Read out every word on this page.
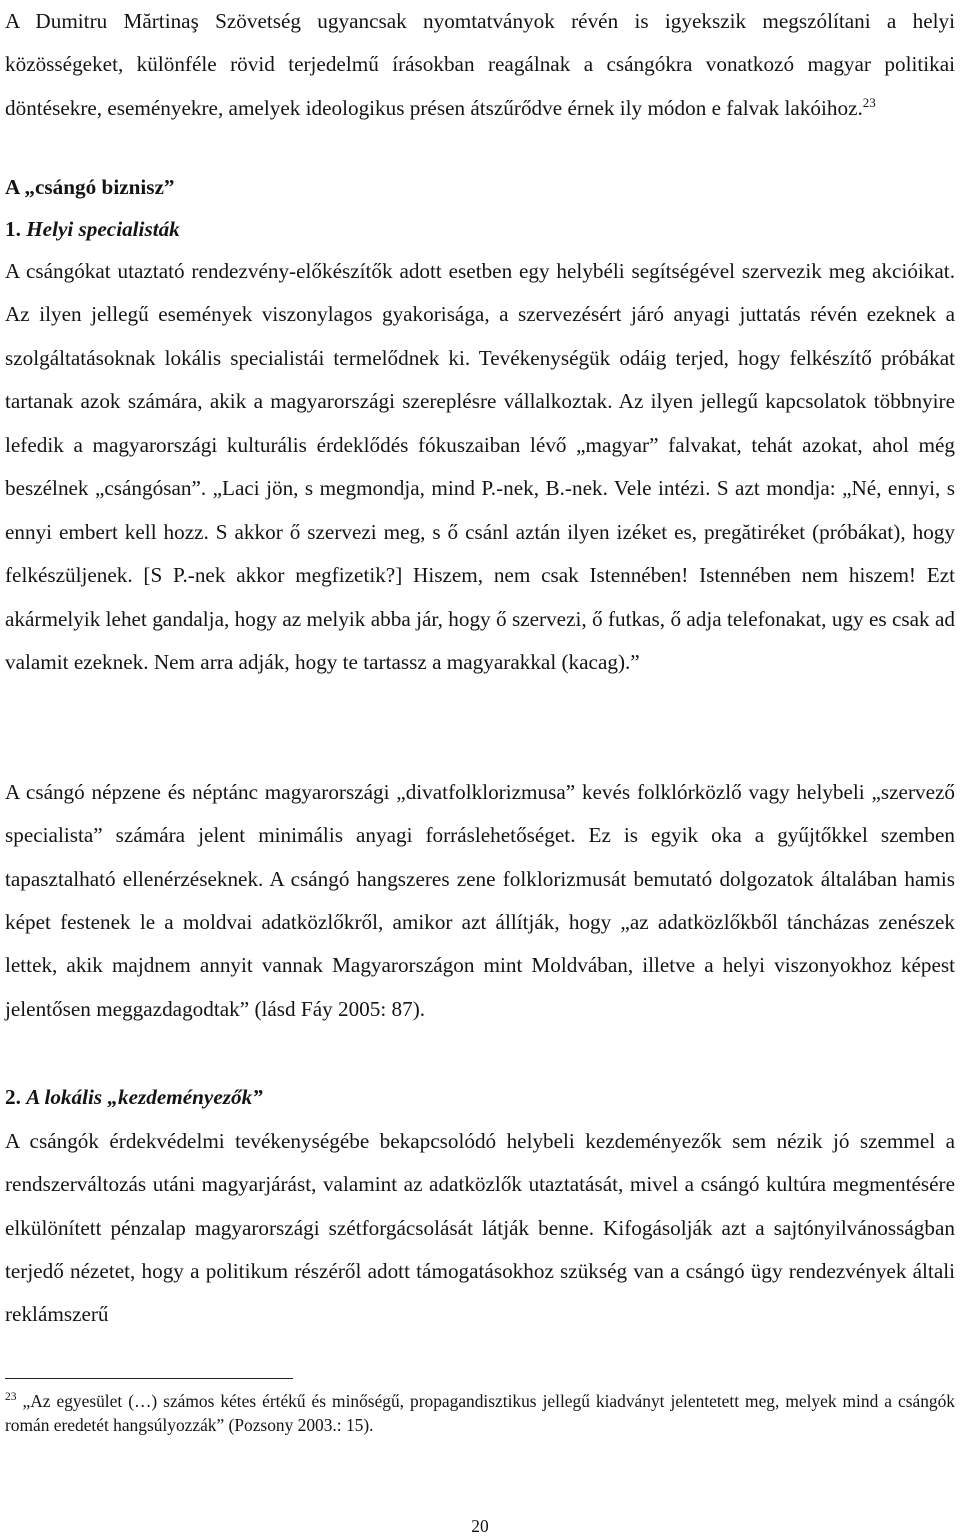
A Dumitru Mărtinaş Szövetség ugyancsak nyomtatványok révén is igyekszik megszólítani a helyi közösségeket, különféle rövid terjedelmű írásokban reagálnak a csángókra vonatkozó magyar politikai döntésekre, eseményekre, amelyek ideologikus présen átszűrődve érnek ily módon e falvak lakóihoz.$^{23}$

A „csángó biznisz”

1. Helyi specialisták

A csángókat utaztató rendezvény-előkészítők adott esetben egy helybéli segítségével szervezik meg akcióikat. Az ilyen jellegű események viszonylagos gyakorisága, a szervezésért járó anyagi juttatás révén ezeknek a szolgáltatásoknak lokális specialistái termelődnek ki. Tevékenységük odáig terjed, hogy felkészítő próbákat tartanak azok számára, akik a magyarországi szereplésre vállalkoztak. Az ilyen jellegű kapcsolatok többnyire lefedik a magyarországi kulturális érdeklődés fókuszaiban lévő „magyar” falvakat, tehát azokat, ahol még beszélnek „csángósan”. „Laci jön, s megmondja, mind P.-nek, B.-nek. Vele intézi. S azt mondja: „Né, ennyi, s ennyi embert kell hozz. S akkor ő szervezi meg, s ő csánl aztán ilyen izéket es, pregătiréket (próbákat), hogy felkészüljenek. [S P.-nek akkor megfizetik?] Hiszem, nem csak Istennében! Istennében nem hiszem! Ezt akármelyik lehet gandalja, hogy az melyik abba jár, hogy ő szervezi, ő futkas, ő adja telefonakat, ugy es csak ad valamit ezeknek. Nem arra adják, hogy te tartassz a magyarakkal (kacag).”

A csángó népzene és néptánc magyarországi „divatfolklorizmusa” kevés folklórközlő vagy helybeli „szervező specialista” számára jelent minimális anyagi forráslehetőséget. Ez is egyik oka a gyűjtőkkel szemben tapasztalható ellenérzéseknek. A csángó hangszeres zene folklorizmusát bemutató dolgozatok általában hamis képet festenek le a moldvai adatközlőkről, amikor azt állítják, hogy „az adatközlőkből táncházas zenészek lettek, akik majdnem annyit vannak Magyarországon mint Moldvában, illetve a helyi viszonyokhoz képest jelentősen meggazdagodtak” (lásd Fáy 2005: 87).

2. A lokális „kezdeményezők”

A csángók érdekvédelmi tevékenységébe bekapcsolódó helybeli kezdeményezők sem nézik jó szemmel a rendszerváltozás utáni magyarjárást, valamint az adatközlők utaztatását, mivel a csángó kultúra megmentésére elkülönített pénzalap magyarországi szétforgácsolását látják benne. Kifogásolják azt a sajtónyilvánosságban terjedő nézetet, hogy a politikum részéről adott támogatásokhoz szükség van a csángó ügy rendezvények általi reklámszerű

$^{23}$ „Az egyesület (…) számos kétes értékű és minőségű, propagandisztikus jellegű kiadványt jelentetett meg, melyek mind a csángók román eredetét hangsúlyozzák” (Pozsony 2003.: 15).

20
